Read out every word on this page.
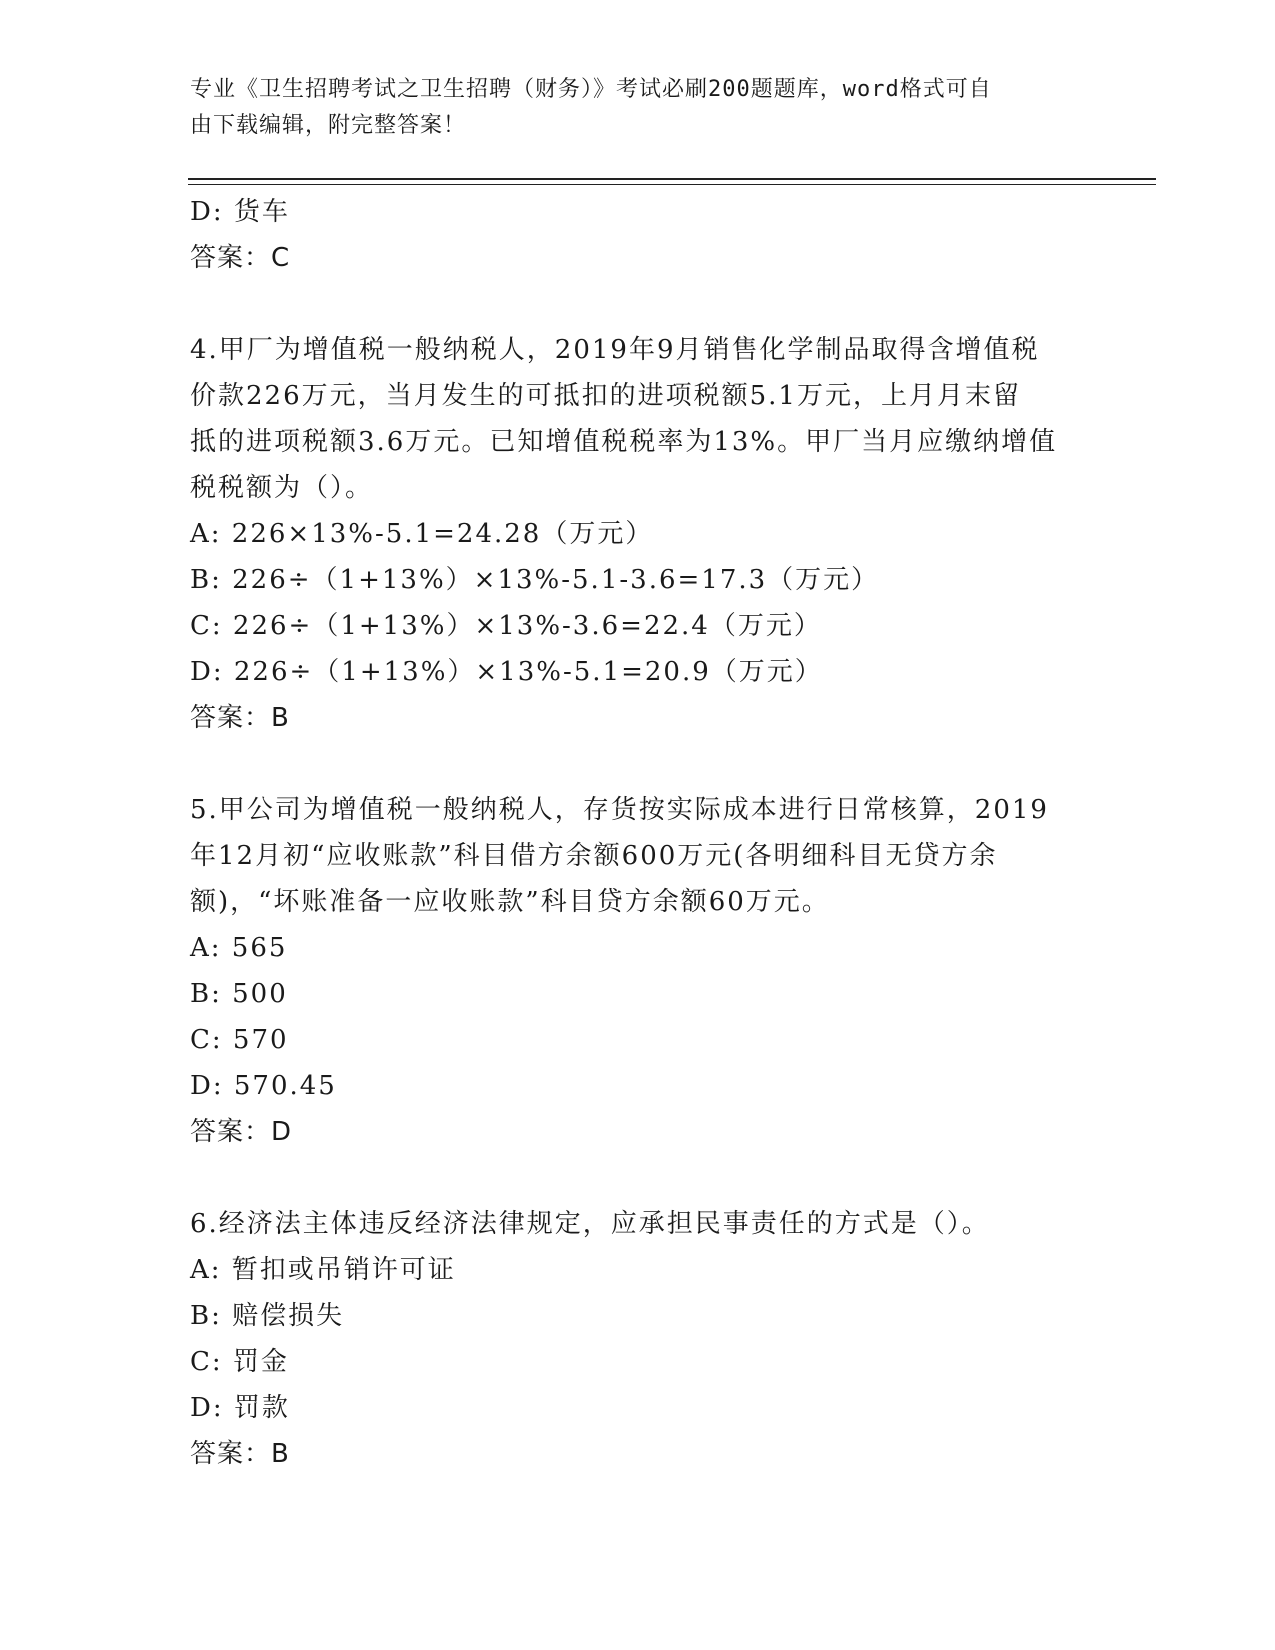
专业《卫生招聘考试之卫生招聘（财务）》考试必刷200题题库，word格式可自
由下载编辑，附完整答案！
D: 货车
答案：C
4.甲厂为增值税一般纳税人，2019年9月销售化学制品取得含增值税
价款226万元，当月发生的可抵扣的进项税额5.1万元，上月月末留
抵的进项税额3.6万元。已知增值税税率为13%。甲厂当月应缴纳增值
税税额为（）。
A: 226×13%-5.1=24.28（万元）
B: 226÷（1+13%）×13%-5.1-3.6=17.3（万元）
C: 226÷（1+13%）×13%-3.6=22.4（万元）
D: 226÷（1+13%）×13%-5.1=20.9（万元）
答案：B
5.甲公司为增值税一般纳税人，存货按实际成本进行日常核算，2019
年12月初“应收账款”科目借方余额600万元(各明细科目无贷方余
额)，“坏账准备一应收账款”科目贷方余额60万元。
A: 565
B: 500
C: 570
D: 570.45
答案：D
6.经济法主体违反经济法律规定，应承担民事责任的方式是（）。
A: 暂扣或吊销许可证
B: 赔偿损失
C: 罚金
D: 罚款
答案：B
